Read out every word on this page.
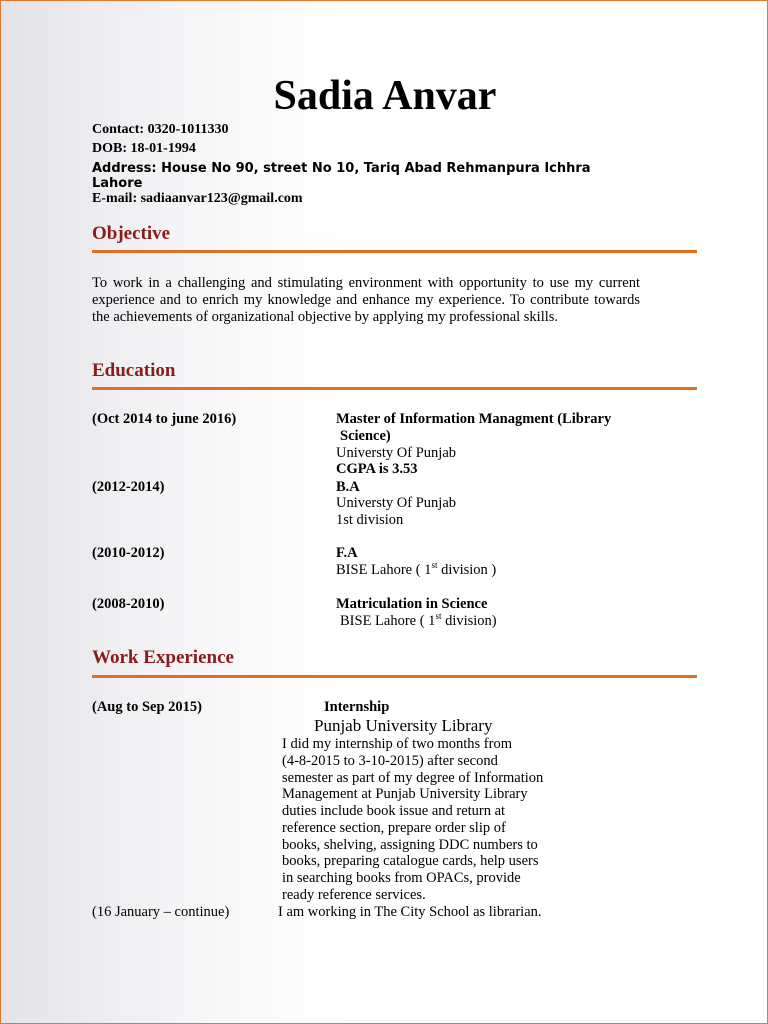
Sadia Anvar
Contact: 0320-1011330
DOB: 18-01-1994
Address: House No 90, street No 10, Tariq Abad Rehmanpura Ichhra
Lahore
E-mail: sadiaanvar123@gmail.com
Objective
To work in a challenging and stimulating environment with opportunity to use my current experience and to enrich my knowledge and enhance my experience. To contribute towards the achievements of organizational objective by applying my professional skills.
Education
(Oct 2014 to june 2016)	Master of Information Managment (Library
Science)
Universty Of Punjab
CGPA is 3.53
(2012-2014)	B.A
Universty Of Punjab
1st division
(2010-2012)	F.A
BISE Lahore ( 1st division )
(2008-2010)	Matriculation in Science
BISE Lahore ( 1st division)
Work Experience
(Aug to Sep 2015)	Internship
Punjab University Library
I did my internship of two months from
(4-8-2015 to 3-10-2015) after second
semester as part of my degree of Information
Management at Punjab University Library
duties include book issue and return at
reference section, prepare order slip of
books, shelving, assigning DDC numbers to
books, preparing catalogue cards, help users
in searching books from OPACs, provide
ready reference services.
(16 January – continue)	I am working in The City School as librarian.
